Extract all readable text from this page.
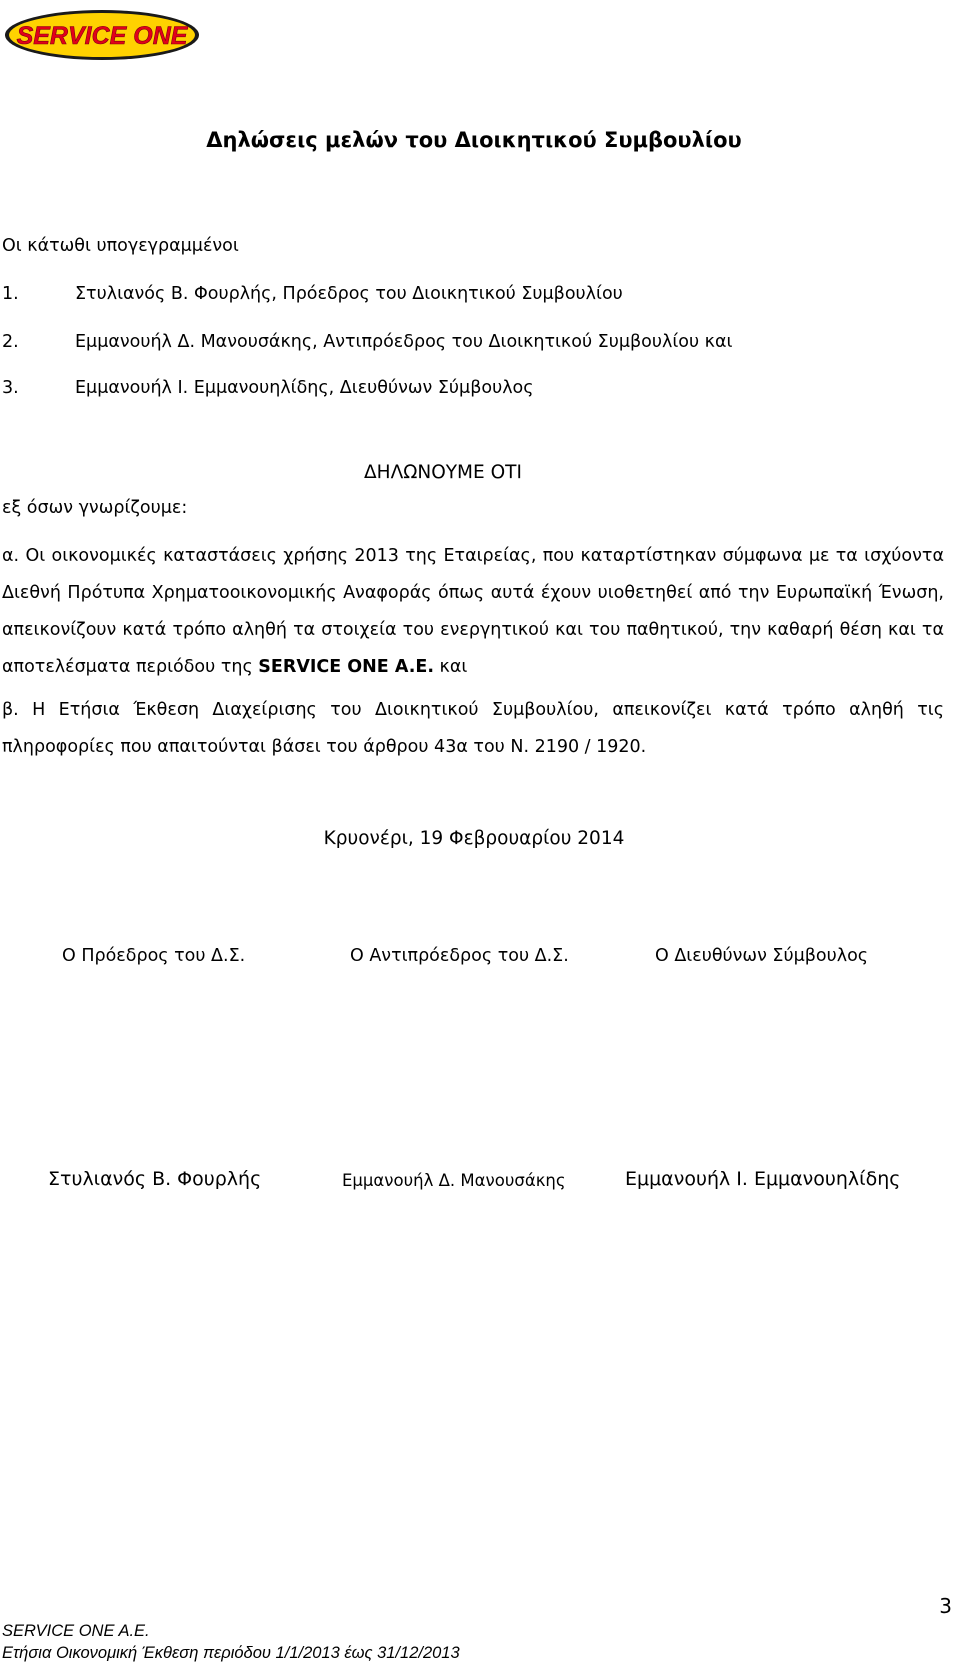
SERVICE ONE
Δηλώσεις μελών του Διοικητικού Συμβουλίου
Οι κάτωθι υπογεγραμμένοι
1.	Στυλιανός Β. Φουρλής, Πρόεδρος του Διοικητικού Συμβουλίου
2.	Εμμανουήλ Δ. Μανουσάκης, Αντιπρόεδρος του Διοικητικού Συμβουλίου και
3.	Εμμανουήλ Ι. Εμμανουηλίδης, Διευθύνων Σύμβουλος
ΔΗΛΩΝΟΥΜΕ ΟΤΙ
εξ όσων γνωρίζουμε:
α. Οι οικονομικές καταστάσεις χρήσης 2013 της Εταιρείας, που καταρτίστηκαν σύμφωνα με τα ισχύοντα Διεθνή Πρότυπα Χρηματοοικονομικής Αναφοράς όπως αυτά έχουν υιοθετηθεί από την Ευρωπαϊκή Ένωση, απεικονίζουν κατά τρόπο αληθή τα στοιχεία του ενεργητικού και του παθητικού, την καθαρή θέση και τα αποτελέσματα περιόδου της SERVICE ONE A.E. και
β. Η Ετήσια Έκθεση Διαχείρισης του Διοικητικού Συμβουλίου, απεικονίζει κατά τρόπο αληθή τις πληροφορίες που απαιτούνται βάσει του άρθρου 43α του Ν. 2190 / 1920.
Κρυονέρι, 19 Φεβρουαρίου 2014
Ο Πρόεδρος του Δ.Σ.	Ο Αντιπρόεδρος του Δ.Σ.	Ο Διευθύνων Σύμβουλος
Στυλιανός Β. Φουρλής	Εμμανουήλ Δ. Μανουσάκης	Εμμανουήλ Ι. Εμμανουηλίδης
3
SERVICE ONE A.E.
Ετήσια Οικονομική Έκθεση περιόδου 1/1/2013 έως 31/12/2013
